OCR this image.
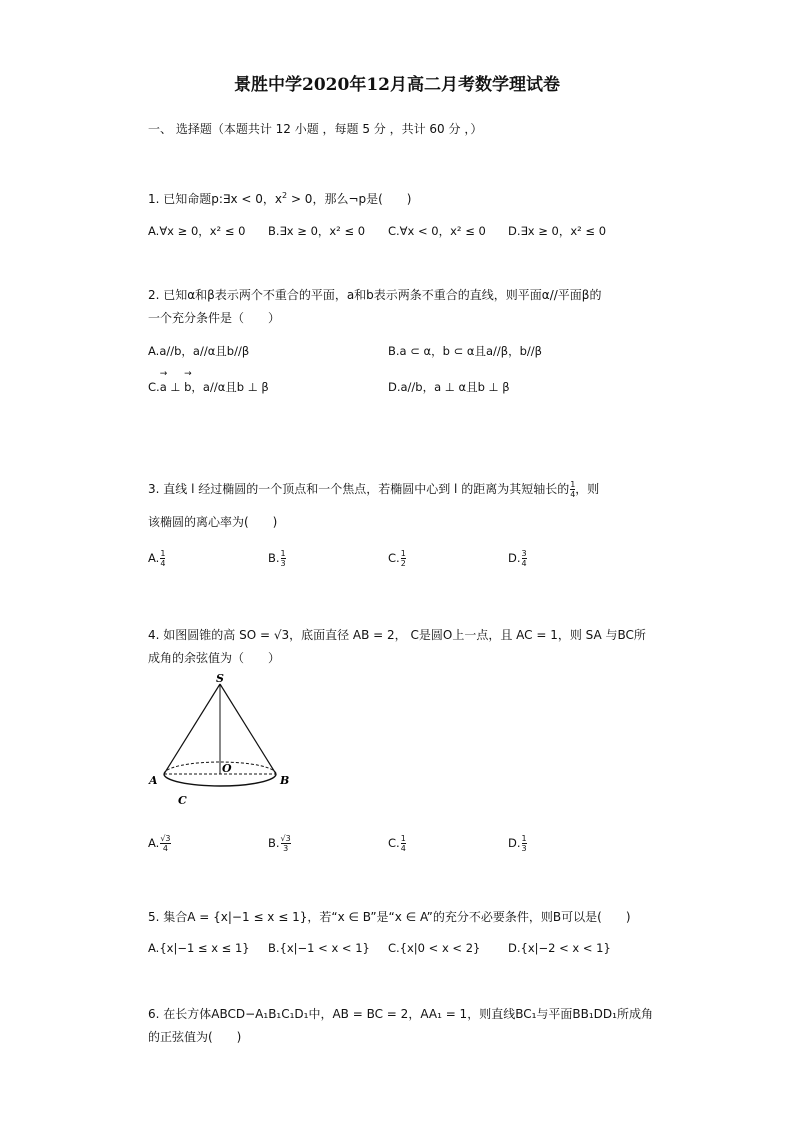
景胜中学2020年12月高二月考数学理试卷
一、 选择题（本题共计 12 小题 ，每题 5 分 ，共计 60 分 ，）
1. 已知命题p:∃x < 0，$x^2 > 0$，那么¬p是(　　)
A.∀x ≥ 0，x² ≤ 0 B.∃x ≥ 0，x² ≤ 0 C.∀x < 0，x² ≤ 0 D.∃x ≥ 0，x² ≤ 0
2. 已知α和β表示两个不重合的平面，a和b表示两条不重合的直线，则平面α//平面β的
一个充分条件是（　　）
A.a//b，a//α且b//β	B.a ⊂ α，b ⊂ α且a//β，b//β
C.
→
a ⊥
→
b，a//α且b ⊥ β	D.a//b，a ⊥ α且b ⊥ β
3. 直线 l 经过椭圆的一个顶点和一个焦点，若椭圆中心到 l 的距离为其短轴长的 $\frac{1}{4}$ ，则
该椭圆的离心率为(　　)
A. $\frac{1}{4}$	B. $\frac{1}{3}$	C. $\frac{1}{2}$	D. $\frac{3}{4}$
4. 如图圆锥的高 SO = √3，底面直径 AB = 2， C是圆O上一点，且 AC = 1，则 SA 与BC所
成角的余弦值为（　　）
S
O
A	B
C
A. $\frac{√3}{4}$	B. $\frac{√3}{3}$	C. $\frac{1}{4}$	D. $\frac{1}{3}$
5. 集合A = {x|−1 ≤ x ≤ 1}，若“x ∈ B”是“x ∈ A”的充分不必要条件，则B可以是(　　)
A.{x|−1 ≤ x ≤ 1} B.{x|−1 < x < 1} C.{x|0 < x < 2} D.{x|−2 < x < 1}
6. 在长方体ABCD−A₁B₁C₁D₁中，AB = BC = 2，AA₁ = 1，则直线BC₁与平面BB₁DD₁所成角
的正弦值为(　　)
